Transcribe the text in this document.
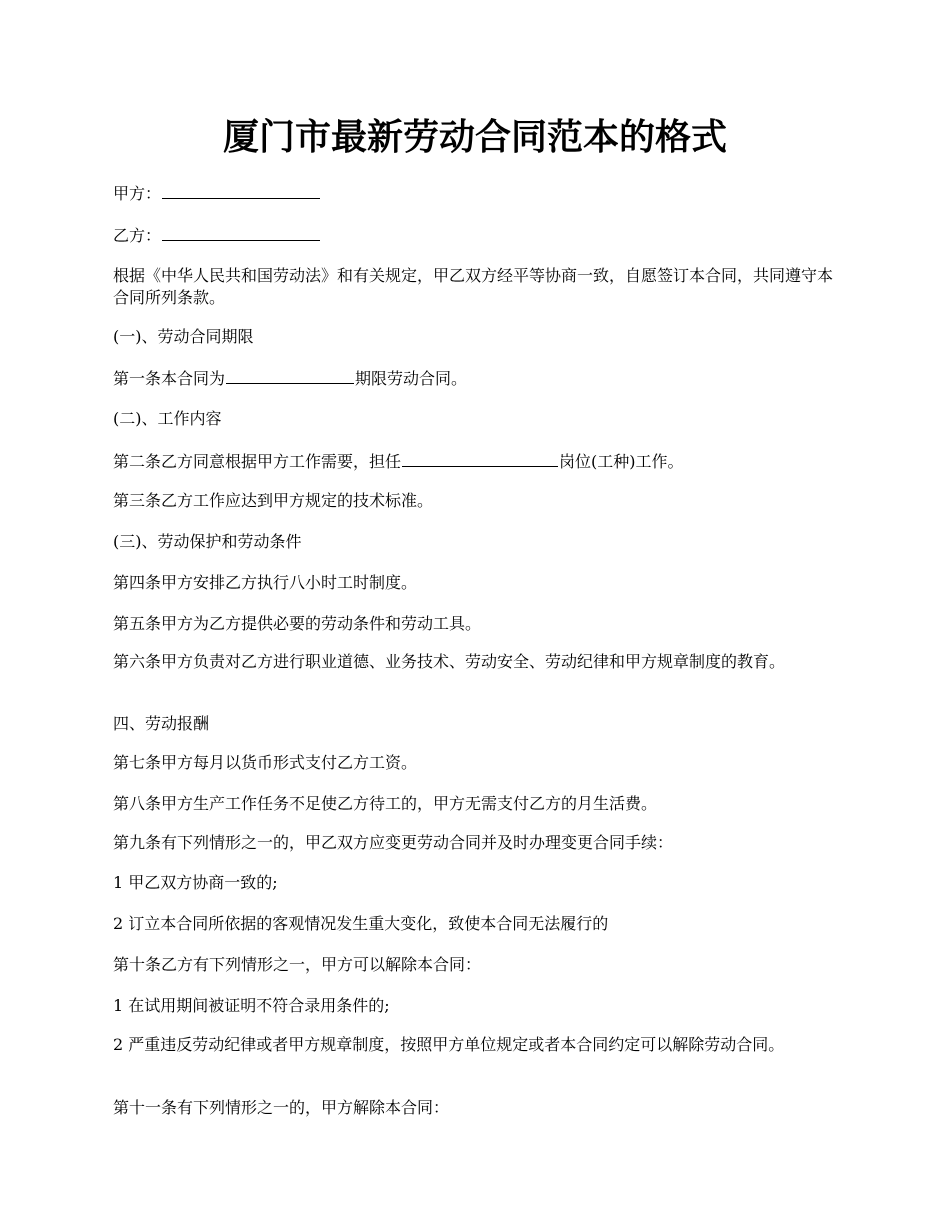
厦门市最新劳动合同范本的格式

甲方：

乙方：

根据《中华人民共和国劳动法》和有关规定，甲乙双方经平等协商一致，自愿签订本合同，共同遵守本合同所列条款。

(一)、劳动合同期限

第一条本合同为	期限劳动合同。

(二)、工作内容

第二条乙方同意根据甲方工作需要，担任	岗位(工种)工作。

第三条乙方工作应达到甲方规定的技术标准。

(三)、劳动保护和劳动条件

第四条甲方安排乙方执行八小时工时制度。

第五条甲方为乙方提供必要的劳动条件和劳动工具。

第六条甲方负责对乙方进行职业道德、业务技术、劳动安全、劳动纪律和甲方规章制度的教育。

四、劳动报酬

第七条甲方每月以货币形式支付乙方工资。

第八条甲方生产工作任务不足使乙方待工的，甲方无需支付乙方的月生活费。

第九条有下列情形之一的，甲乙双方应变更劳动合同并及时办理变更合同手续：

1 甲乙双方协商一致的;

2 订立本合同所依据的客观情况发生重大变化，致使本合同无法履行的

第十条乙方有下列情形之一，甲方可以解除本合同：

1 在试用期间被证明不符合录用条件的;

2 严重违反劳动纪律或者甲方规章制度，按照甲方单位规定或者本合同约定可以解除劳动合同。

第十一条有下列情形之一的，甲方解除本合同：
